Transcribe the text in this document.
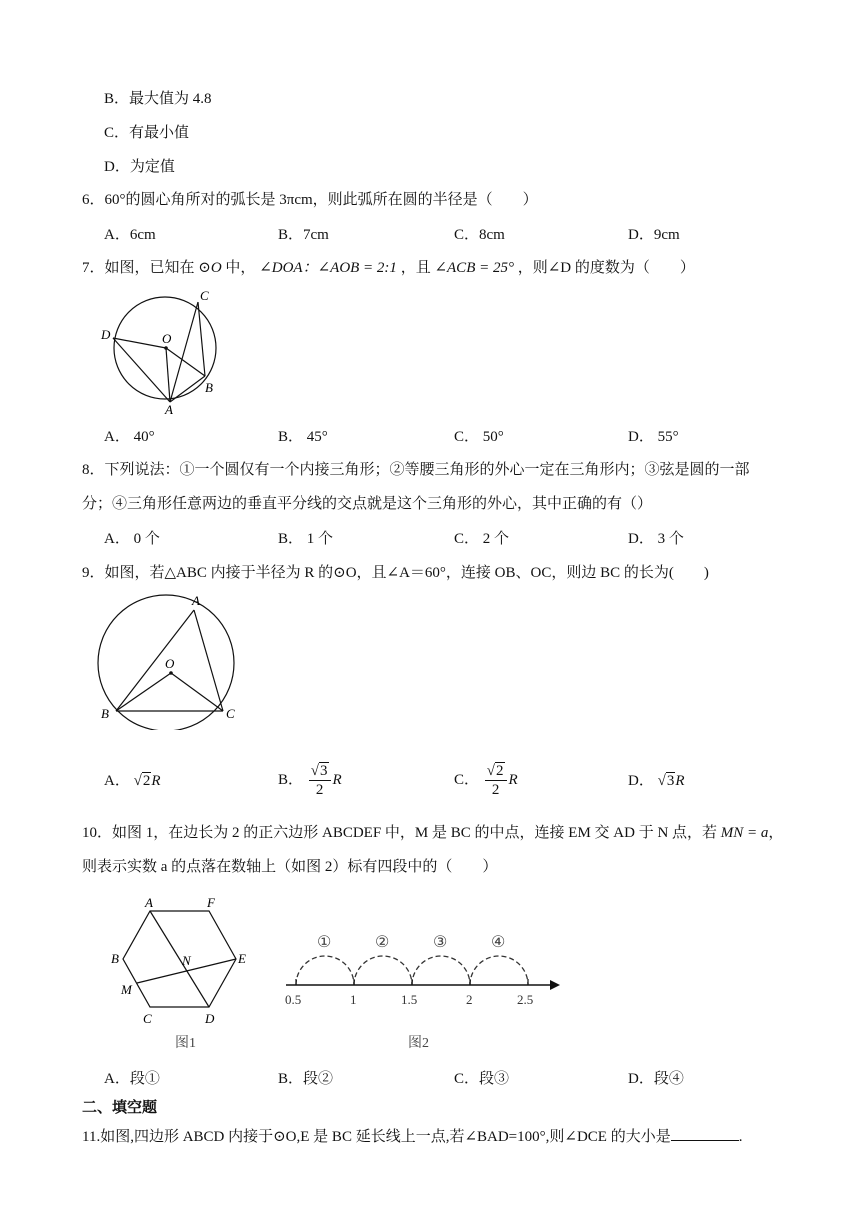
B．最大值为 4.8
C．有最小值
D．为定值
6．60°的圆心角所对的弧长是 3πcm，则此弧所在圆的半径是（　　）
A．6cm	B．7cm	C．8cm	D．9cm
7．如图，已知在 ⊙O 中， ∠DOA：∠AOB = 2:1 ，且 ∠ACB = 25° ，则∠D 的度数为（　　）
C
D	O
B
A
A． 40°	B． 45°	C． 50°	D． 55°
8．下列说法：①一个圆仅有一个内接三角形；②等腰三角形的外心一定在三角形内；③弦是圆的一部
分；④三角形任意两边的垂直平分线的交点就是这个三角形的外心，其中正确的有（）
A． 0 个	B． 1 个	C． 2 个	D． 3 个
9．如图，若△ABC 内接于半径为 R 的⊙O，且∠A＝60°，连接 OB、OC，则边 BC 的长为(　　)
A
O
B	C
A． √2R	B． $\frac{√3}{2}$ R	C． $\frac{√2}{2}$ R	D． √3R
10．如图 1，在边长为 2 的正六边形 ABCDEF 中，M 是 BC 的中点，连接 EM 交 AD 于 N 点，若 MN = a，
则表示实数 a 的点落在数轴上（如图 2）标有四段中的（　　）
A	F
B	N	E
M
C	D
图1
①	②	③	④
0.5	1	1.5	2	2.5
图2
A．段①	B．段②	C．段③	D．段④
二、填空题
11.如图,四边形 ABCD 内接于⊙O,E 是 BC 延长线上一点,若∠BAD=100°,则∠DCE 的大小是	.
